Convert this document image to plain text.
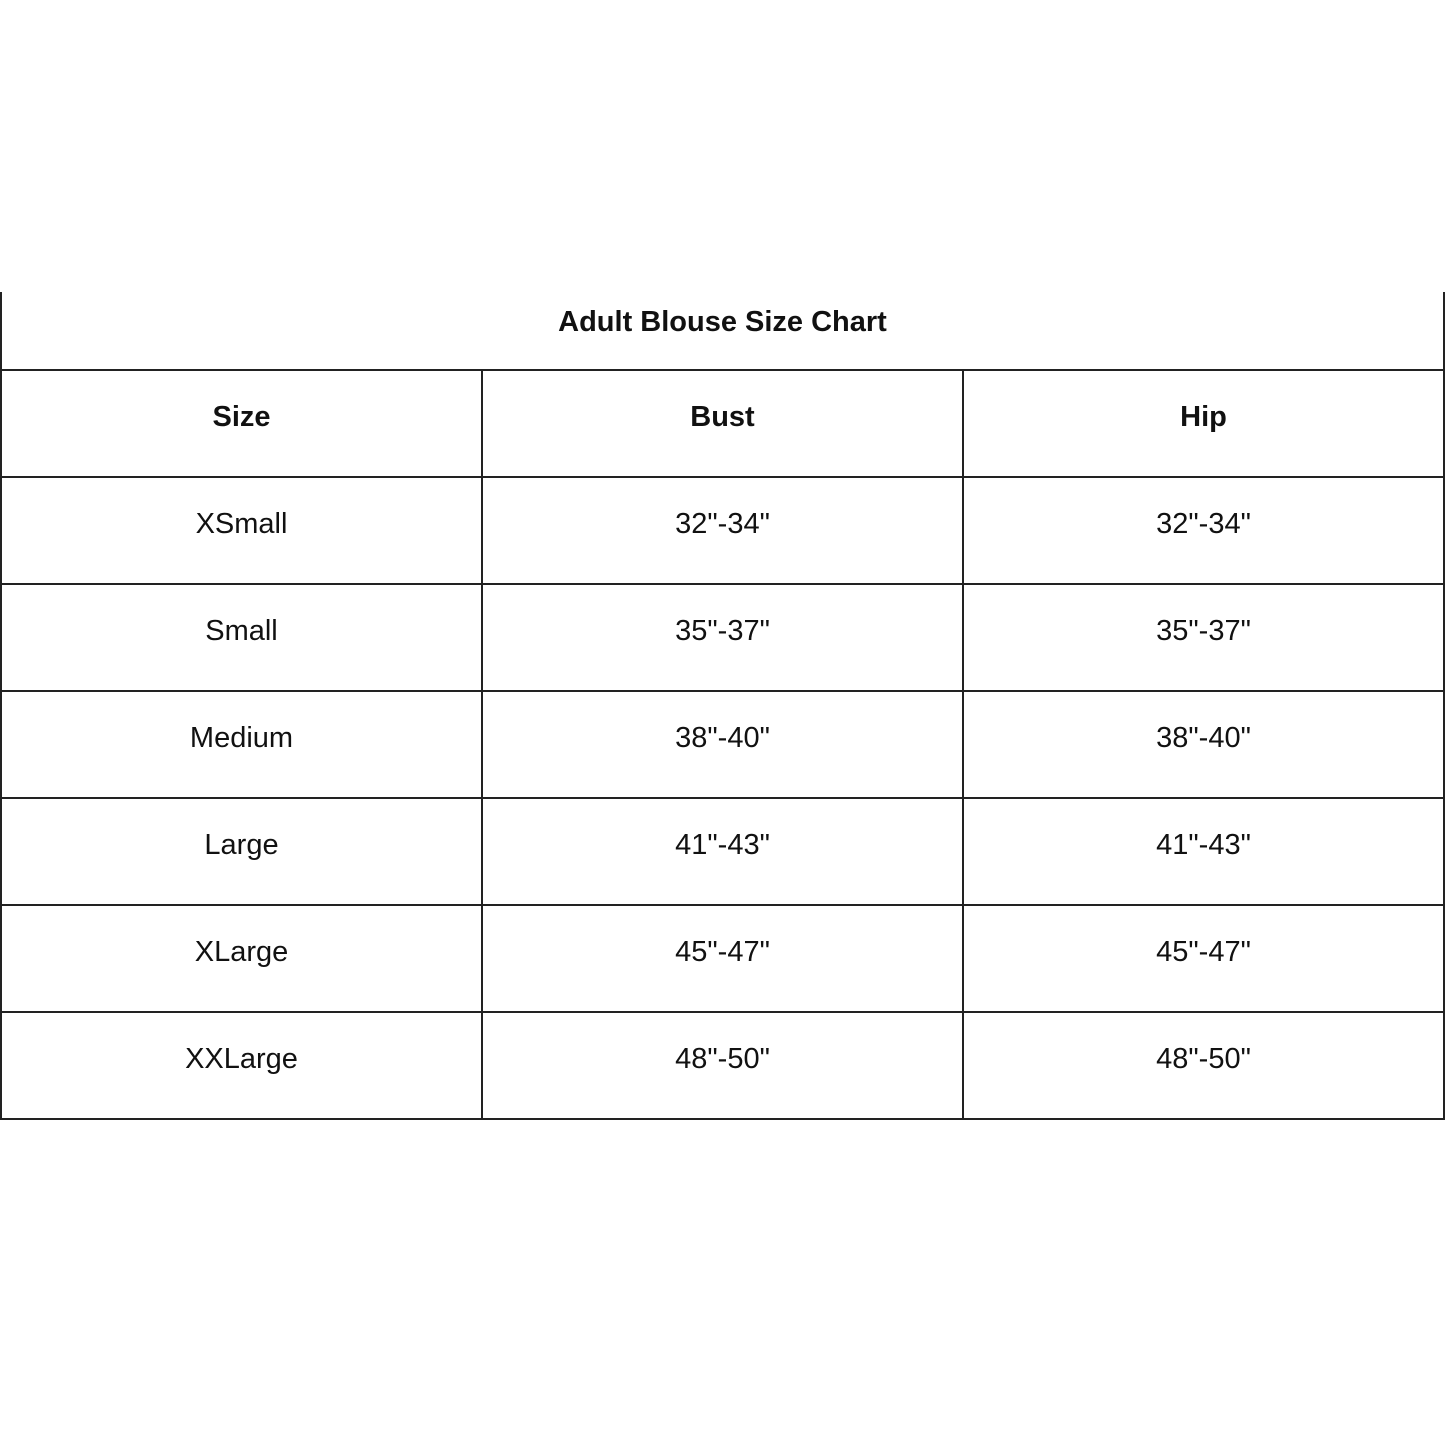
Adult Blouse Size Chart
Size	Bust	Hip
XSmall	32"-34"	32"-34"
Small	35"-37"	35"-37"
Medium	38"-40"	38"-40"
Large	41"-43"	41"-43"
XLarge	45"-47"	45"-47"
XXLarge	48"-50"	48"-50"
